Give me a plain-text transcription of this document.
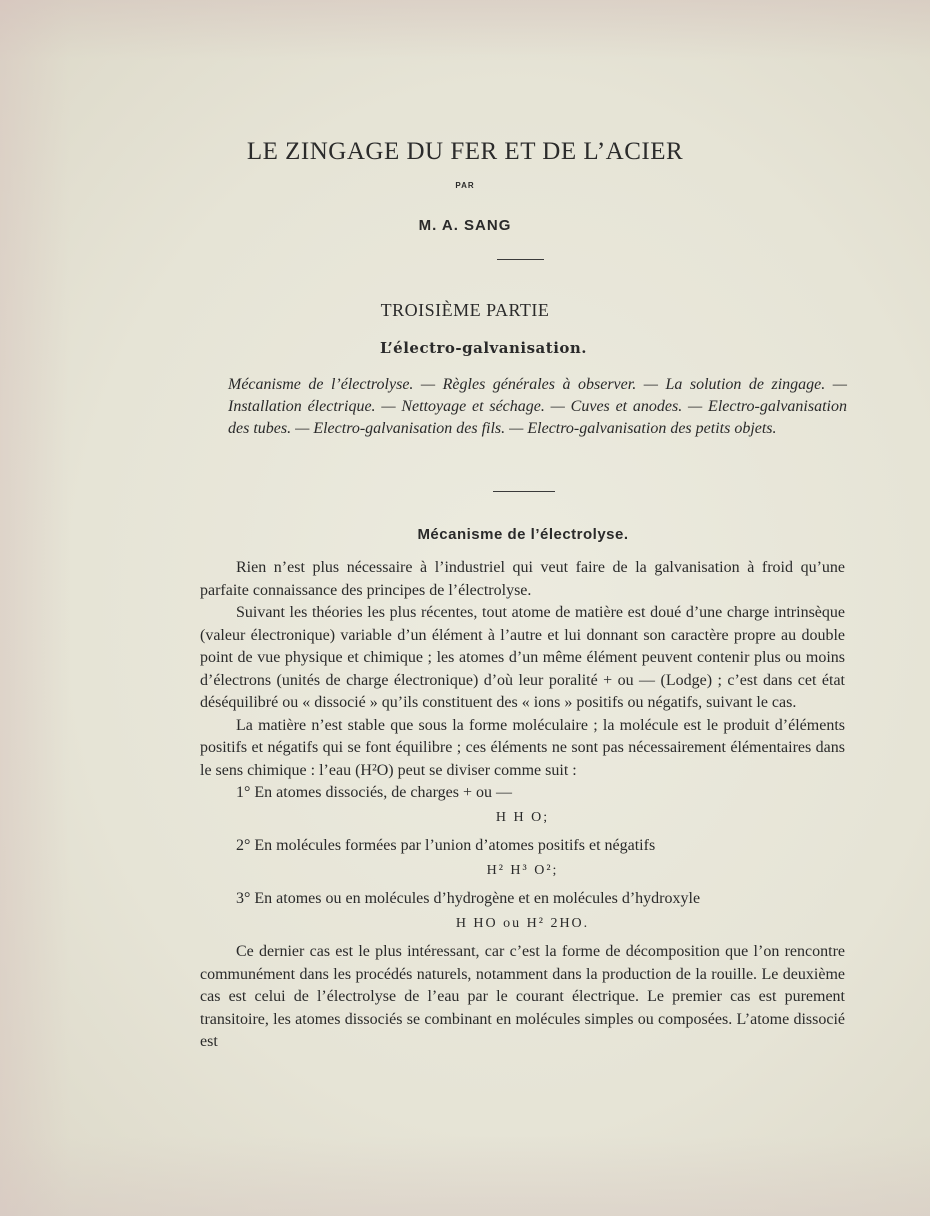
LE ZINGAGE DU FER ET DE L’ACIER
PAR
M. A. SANG
TROISIÈME PARTIE
L’électro-galvanisation.
Mécanisme de l’électrolyse. — Règles générales à observer. — La solution de zingage. — Installation électrique. — Nettoyage et séchage. — Cuves et anodes. — Electro-galvanisation des tubes. — Electro-galvanisation des fils. — Electro-galvanisation des petits objets.
Mécanisme de l’électrolyse.

Rien n’est plus nécessaire à l’industriel qui veut faire de la galvanisation à froid qu’une parfaite connaissance des principes de l’électrolyse.

Suivant les théories les plus récentes, tout atome de matière est doué d’une charge intrinsèque (valeur électronique) variable d’un élément à l’autre et lui donnant son caractère propre au double point de vue physique et chimique ; les atomes d’un même élément peuvent contenir plus ou moins d’électrons (unités de charge électronique) d’où leur poralité + ou — (Lodge) ; c’est dans cet état déséquilibré ou « dissocié » qu’ils constituent des « ions » positifs ou négatifs, suivant le cas.

La matière n’est stable que sous la forme moléculaire ; la molécule est le produit d’éléments positifs et négatifs qui se font équilibre ; ces éléments ne sont pas nécessairement élémentaires dans le sens chimique : l’eau (H²O) peut se diviser comme suit :

1° En atomes dissociés, de charges + ou —

H H O;

2° En molécules formées par l’union d’atomes positifs et négatifs

H² H³ O²;

3° En atomes ou en molécules d’hydrogène et en molécules d’hydroxyle

H HO ou H² 2HO.

Ce dernier cas est le plus intéressant, car c’est la forme de décomposition que l’on rencontre communément dans les procédés naturels, notamment dans la production de la rouille. Le deuxième cas est celui de l’électrolyse de l’eau par le courant électrique. Le premier cas est purement transitoire, les atomes dissociés se combinant en molécules simples ou composées. L’atome dissocié est
